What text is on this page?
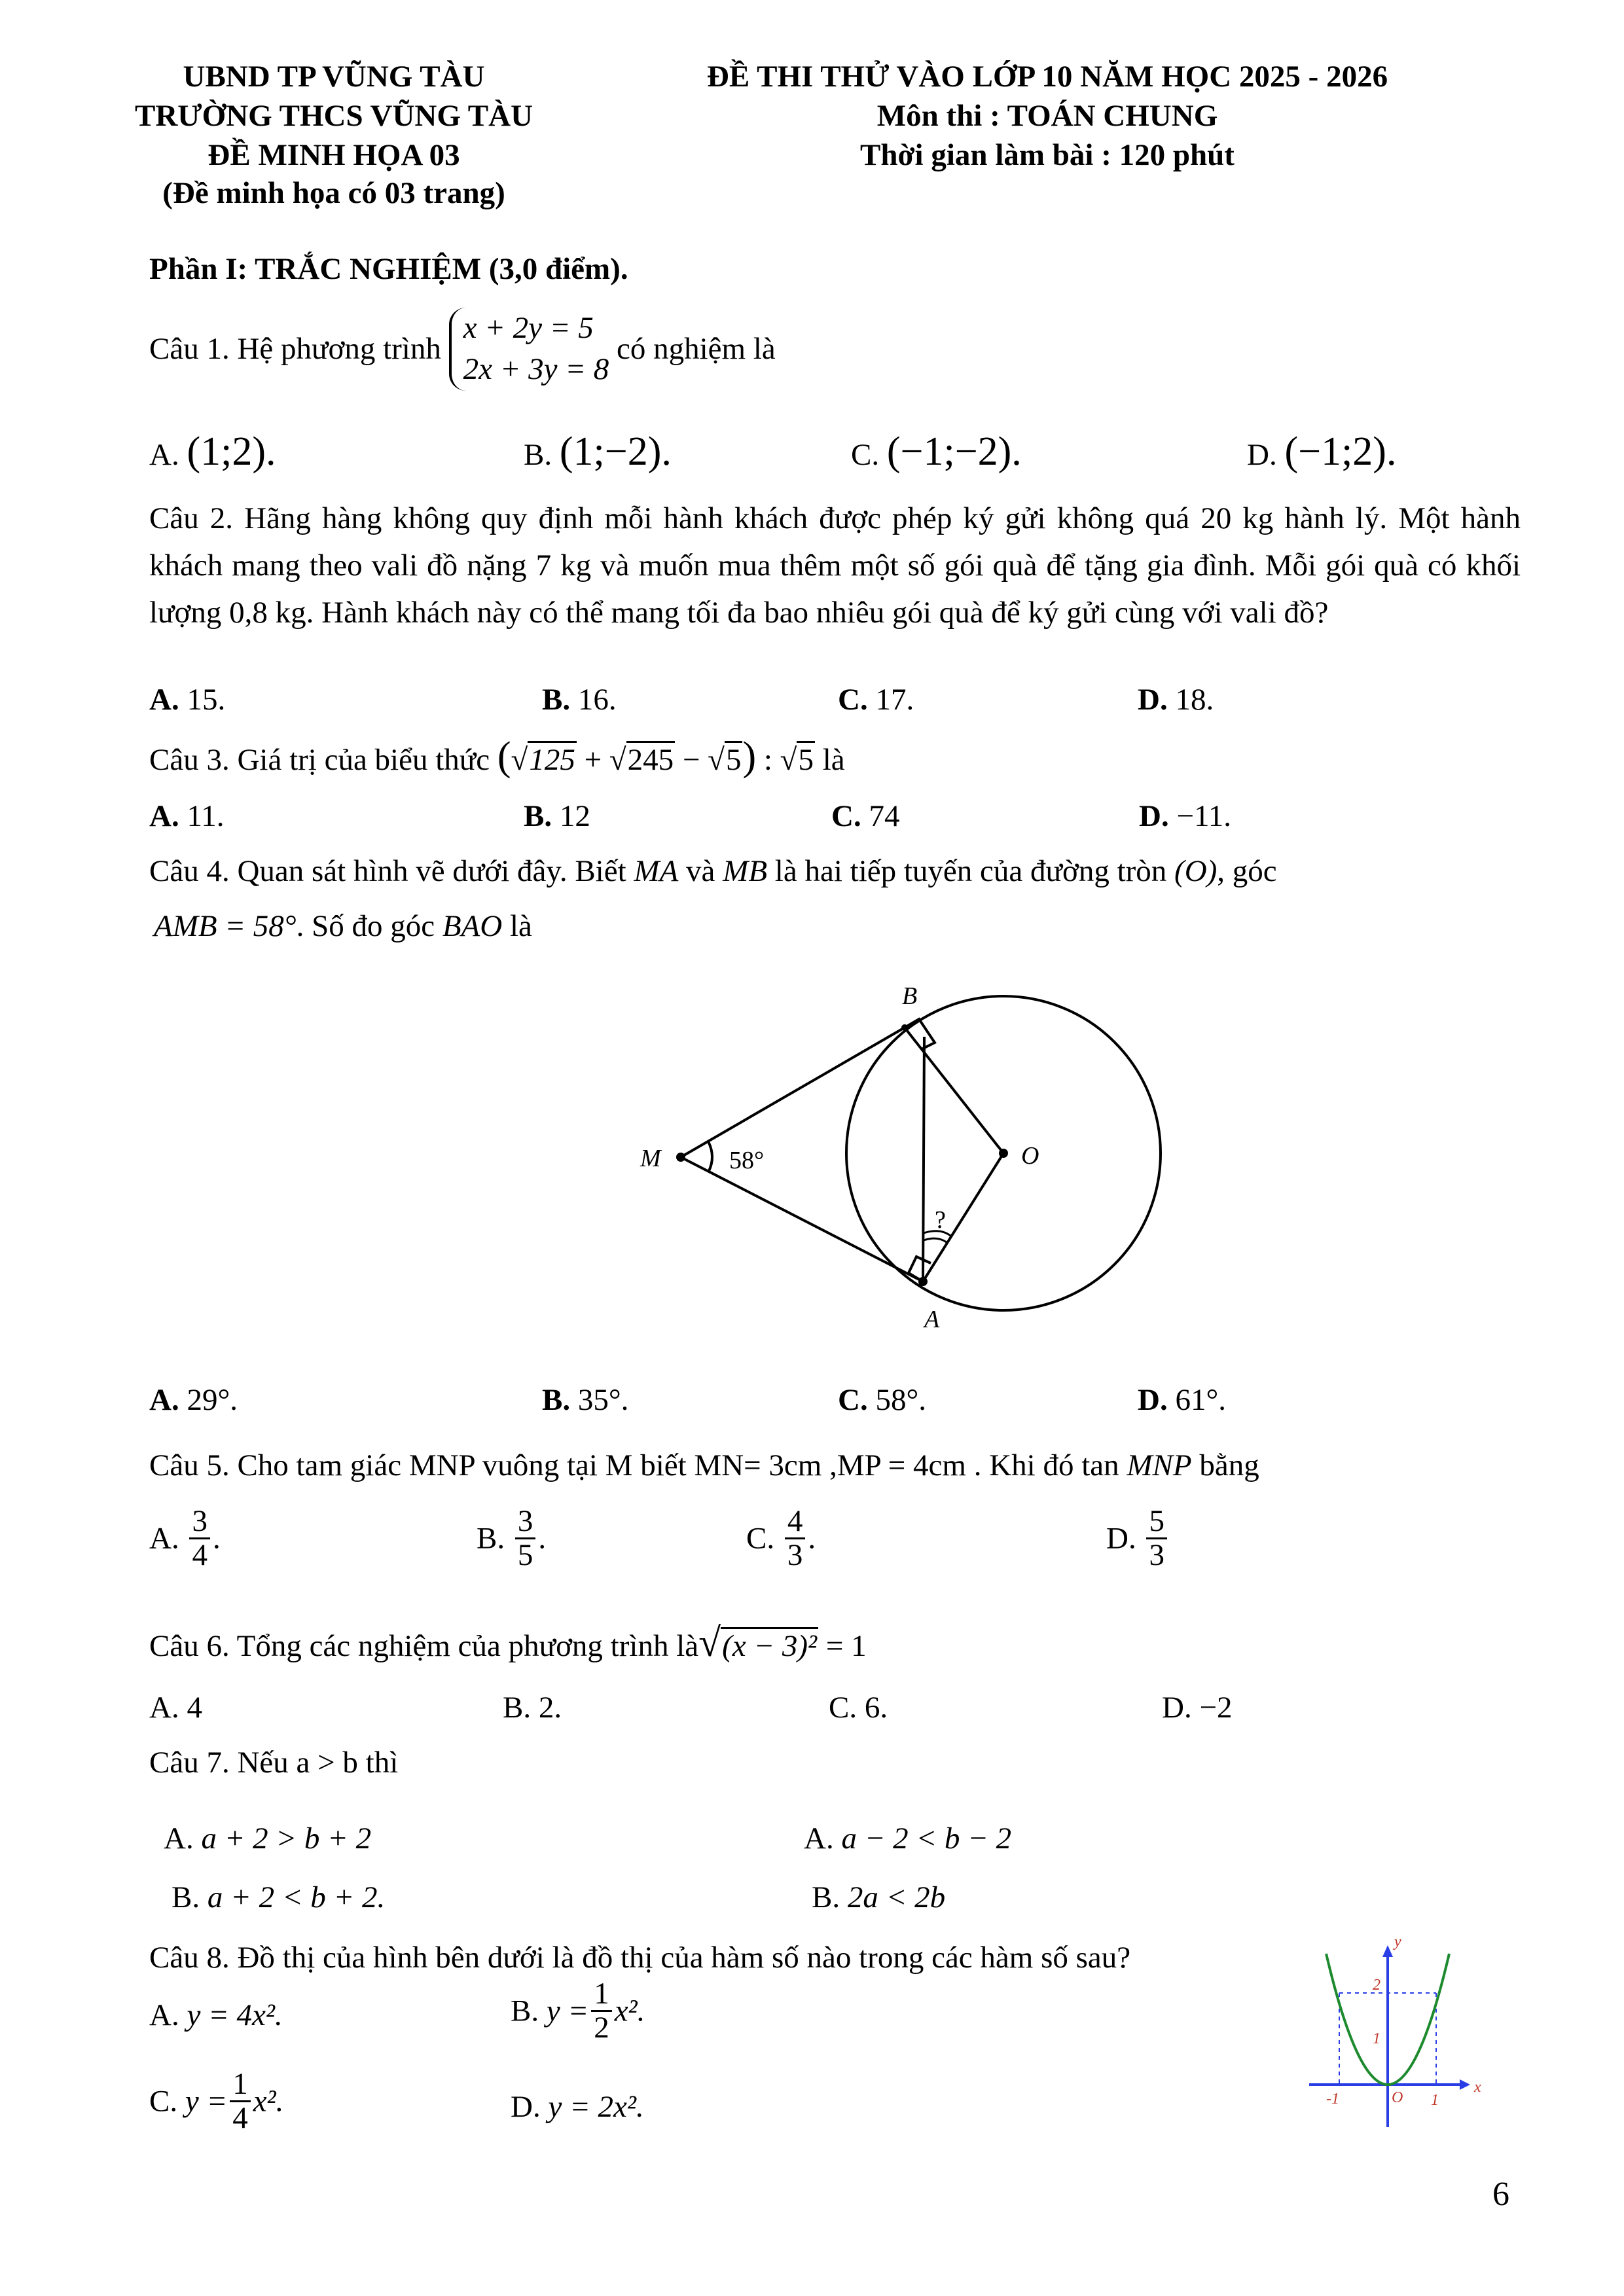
UBND TP VŨNG TÀU
TRƯỜNG THCS VŨNG TÀU
ĐỀ MINH HỌA 03
(Đề minh họa có 03 trang)
ĐỀ THI THỬ VÀO LỚP 10 NĂM HỌC 2025 - 2026
Môn thi : TOÁN CHUNG
Thời gian làm bài : 120 phút
Phần I: TRẮC NGHIỆM (3,0 điểm).
Câu 1. Hệ phương trình
x + 2y = 5
2x + 3y = 8
có nghiệm là
A. (1;2).	B. (1;−2).	C. (−1;−2).	D. (−1;2).
Câu 2. Hãng hàng không quy định mỗi hành khách được phép ký gửi không quá 20 kg hành lý. Một hành khách mang theo vali đồ nặng 7 kg và muốn mua thêm một số gói quà để tặng gia đình. Mỗi gói quà có khối lượng 0,8 kg. Hành khách này có thể mang tối đa bao nhiêu gói quà để ký gửi cùng với vali đồ?
A. 15.	B. 16.	C. 17.	D. 18.
Câu 3. Giá trị của biểu thức (√125 + √245 − √5) : √5 là
A. 11.	B. 12	C. 74	D. −11.
Câu 4. Quan sát hình vẽ dưới đây. Biết MA và MB là hai tiếp tuyến của đường tròn (O), góc
AMB = 58°. Số đo góc BAO là
B
M	O
A
58°
?
A. 29°.	B. 35°.	C. 58°.	D. 61°.
Câu 5. Cho tam giác MNP vuông tại M biết MN= 3cm ,MP = 4cm . Khi đó tan MNP bằng
A. $\frac{3}{4}$ .	B. $\frac{3}{5}$ .	C. $\frac{4}{3}$ .	D. $\frac{5}{3}$
Câu 6. Tổng các nghiệm của phương trình là√(x − 3)² = 1
A. 4	B. 2.	C. 6.	D. −2
Câu 7. Nếu a > b thì
A. a + 2 > b + 2	A. a − 2 < b − 2
B. a + 2 < b + 2.	B. 2a < 2b
Câu 8. Đồ thị của hình bên dưới là đồ thị của hàm số nào trong các hàm số sau?
A. y = 4x².	B. $y = \frac{1}{2} x^2$.
C. $y = \frac{1}{4} x^2$.	D. y = 2x².
y
x
O
2
1
-1	1
6
